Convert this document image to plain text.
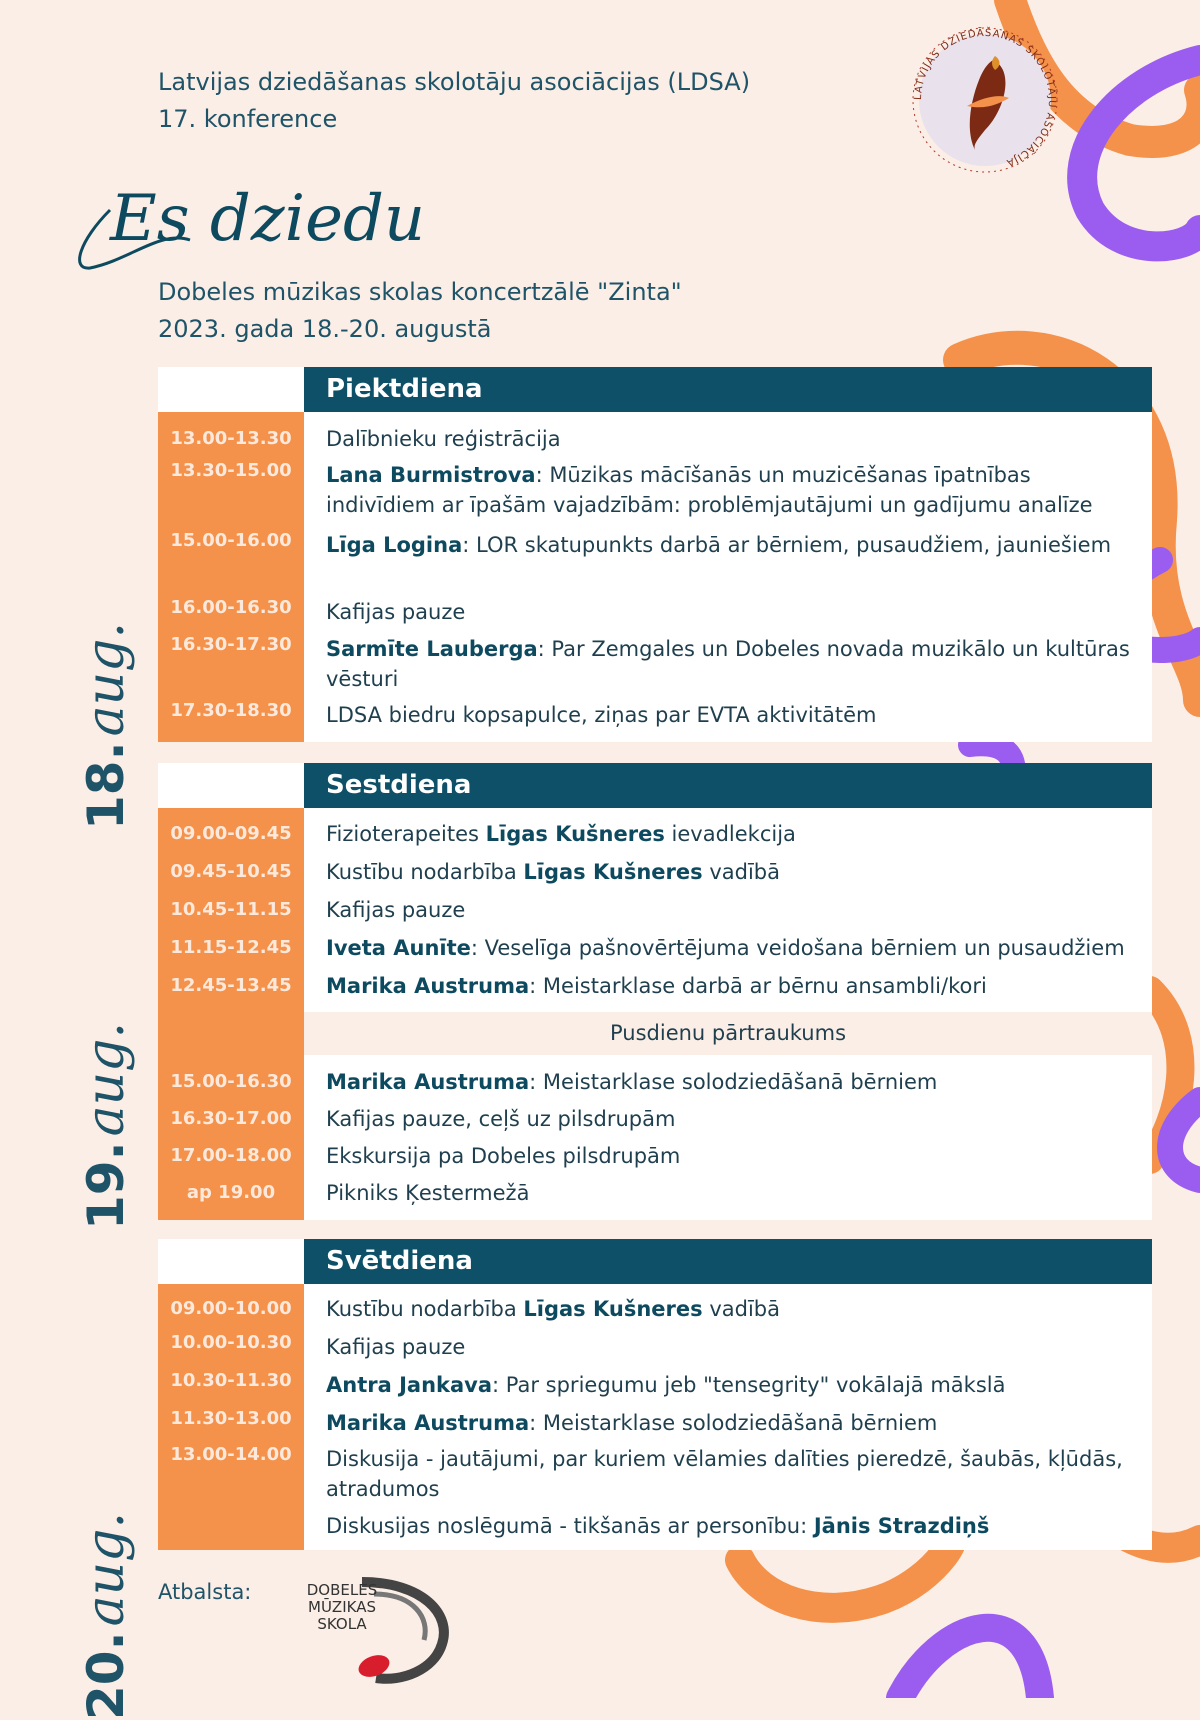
Latvijas dziedāšanas skolotāju asociācijas (LDSA)
17. konference
Es dziedu
Dobeles mūzikas skolas koncertzālē "Zinta"
2023. gada 18.-20. augustā
LATVIJAS DZIEDĀŠANAS SKOLOTĀJU ASOCIĀCIJA
18. aug.
Piektdiena
13.00-13.30	Dalībnieku reģistrācija
13.30-15.00	Lana Burmistrova: Mūzikas mācīšanās un muzicēšanas īpatnības indivīdiem ar īpašām vajadzībām: problēmjautājumi un gadījumu analīze
15.00-16.00	Līga Logina: LOR skatupunkts darbā ar bērniem, pusaudžiem, jauniešiem
16.00-16.30	Kafijas pauze
16.30-17.30	Sarmīte Lauberga: Par Zemgales un Dobeles novada muzikālo un kultūras vēsturi
17.30-18.30	LDSA biedru kopsapulce, ziņas par EVTA aktivitātēm
19. aug.
Sestdiena
09.00-09.45	Fizioterapeites Līgas Kušneres ievadlekcija
09.45-10.45	Kustību nodarbība Līgas Kušneres vadībā
10.45-11.15	Kafijas pauze
11.15-12.45	Iveta Aunīte: Veselīga pašnovērtējuma veidošana bērniem un pusaudžiem
12.45-13.45	Marika Austruma: Meistarklase darbā ar bērnu ansambli/kori
Pusdienu pārtraukums
15.00-16.30	Marika Austruma: Meistarklase solodziedāšanā bērniem
16.30-17.00	Kafijas pauze, ceļš uz pilsdrupām
17.00-18.00	Ekskursija pa Dobeles pilsdrupām
ap 19.00	Pikniks Ķestermežā
20. aug.
Svētdiena
09.00-10.00	Kustību nodarbība Līgas Kušneres vadībā
10.00-10.30	Kafijas pauze
10.30-11.30	Antra Jankava: Par spriegumu jeb "tensegrity" vokālajā mākslā
11.30-13.00	Marika Austruma: Meistarklase solodziedāšanā bērniem
13.00-14.00	Diskusija - jautājumi, par kuriem vēlamies dalīties pieredzē, šaubās, kļūdās, atradumos
Diskusijas noslēgumā - tikšanās ar personību: Jānis Strazdiņš
Atbalsta:	DOBELES
MŪZIKAS
SKOLA
